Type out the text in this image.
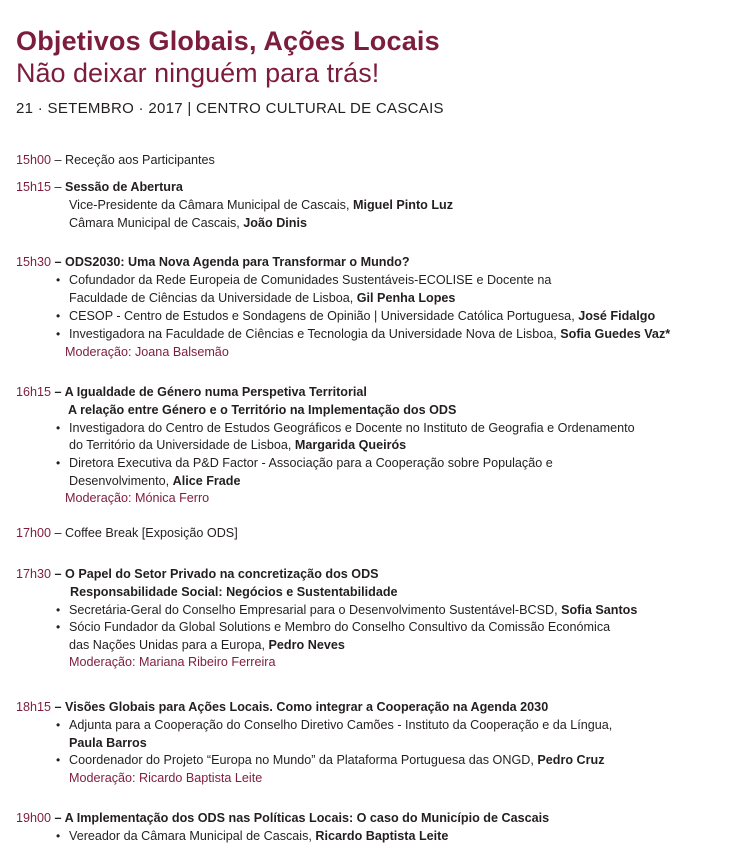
Objetivos Globais, Ações Locais
Não deixar ninguém para trás!
21 · SETEMBRO · 2017 | CENTRO CULTURAL DE CASCAIS
15h00 – Receção aos Participantes
15h15 – Sessão de Abertura
Vice-Presidente da Câmara Municipal de Cascais, Miguel Pinto Luz
Câmara Municipal de Cascais, João Dinis
15h30 – ODS2030: Uma Nova Agenda para Transformar o Mundo?
• Cofundador da Rede Europeia de Comunidades Sustentáveis-ECOLISE e Docente na
Faculdade de Ciências da Universidade de Lisboa, Gil Penha Lopes
• CESOP - Centro de Estudos e Sondagens de Opinião | Universidade Católica Portuguesa, José Fidalgo
• Investigadora na Faculdade de Ciências e Tecnologia da Universidade Nova de Lisboa, Sofia Guedes Vaz*
Moderação: Joana Balsemão
16h15 – A Igualdade de Género numa Perspetiva Territorial
A relação entre Género e o Território na Implementação dos ODS
• Investigadora do Centro de Estudos Geográficos e Docente no Instituto de Geografia e Ordenamento
do Território da Universidade de Lisboa, Margarida Queirós
• Diretora Executiva da P&D Factor - Associação para a Cooperação sobre População e
Desenvolvimento, Alice Frade
Moderação: Mónica Ferro
17h00 – Coffee Break [Exposição ODS]
17h30 – O Papel do Setor Privado na concretização dos ODS
Responsabilidade Social: Negócios e Sustentabilidade
• Secretária-Geral do Conselho Empresarial para o Desenvolvimento Sustentável-BCSD, Sofia Santos
• Sócio Fundador da Global Solutions e Membro do Conselho Consultivo da Comissão Económica
das Nações Unidas para a Europa, Pedro Neves
Moderação: Mariana Ribeiro Ferreira
18h15 – Visões Globais para Ações Locais. Como integrar a Cooperação na Agenda 2030
• Adjunta para a Cooperação do Conselho Diretivo Camões - Instituto da Cooperação e da Língua,
Paula Barros
• Coordenador do Projeto “Europa no Mundo” da Plataforma Portuguesa das ONGD, Pedro Cruz
Moderação: Ricardo Baptista Leite
19h00 – A Implementação dos ODS nas Políticas Locais: O caso do Município de Cascais
• Vereador da Câmara Municipal de Cascais, Ricardo Baptista Leite
